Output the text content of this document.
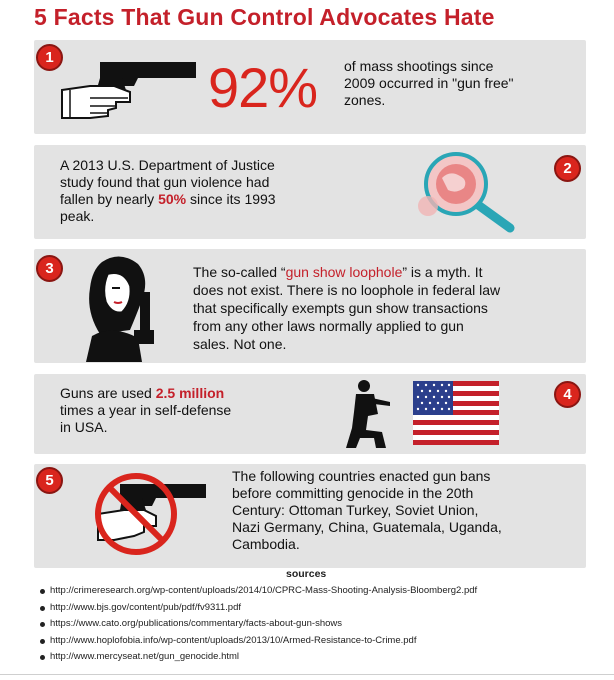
5 Facts That Gun Control Advocates Hate
1	92% of mass shootings since
2009 occurred in "gun free"
zones.
2
A 2013 U.S. Department of Justice
study found that gun violence had
fallen by nearly 50% since its 1993
peak.
3	The so-called “gun show loophole” is a myth. It
does not exist. There is no loophole in federal law
that specifically exempts gun show transactions
from any other laws normally applied to gun
sales. Not one.
4
Guns are used 2.5 million
times a year in self-defense
in USA.
5	The following countries enacted gun bans
before committing genocide in the 20th
Century: Ottoman Turkey, Soviet Union,
Nazi Germany, China, Guatemala, Uganda,
Cambodia.
sources
http://crimeresearch.org/wp-content/uploads/2014/10/CPRC-Mass-Shooting-Analysis-Bloomberg2.pdf
http://www.bjs.gov/content/pub/pdf/fv9311.pdf
https://www.cato.org/publications/commentary/facts-about-gun-shows
http://www.hoplofobia.info/wp-content/uploads/2013/10/Armed-Resistance-to-Crime.pdf
http://www.mercyseat.net/gun_genocide.html
